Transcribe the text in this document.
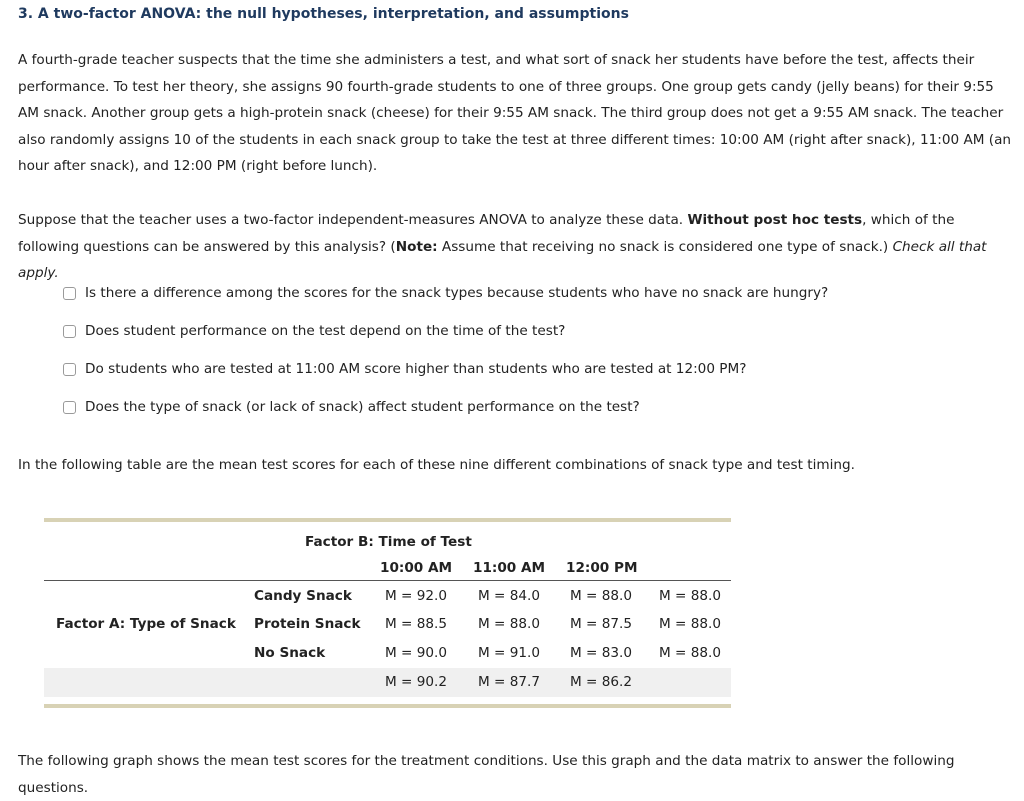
3. A two-factor ANOVA: the null hypotheses, interpretation, and assumptions

A fourth-grade teacher suspects that the time she administers a test, and what sort of snack her students have before the test, affects their performance. To test her theory, she assigns 90 fourth-grade students to one of three groups. One group gets candy (jelly beans) for their 9:55 AM snack. Another group gets a high-protein snack (cheese) for their 9:55 AM snack. The third group does not get a 9:55 AM snack. The teacher also randomly assigns 10 of the students in each snack group to take the test at three different times: 10:00 AM (right after snack), 11:00 AM (an hour after snack), and 12:00 PM (right before lunch).

Suppose that the teacher uses a two-factor independent-measures ANOVA to analyze these data. Without post hoc tests, which of the following questions can be answered by this analysis? (Note: Assume that receiving no snack is considered one type of snack.) Check all that apply.

Is there a difference among the scores for the snack types because students who have no snack are hungry?
Does student performance on the test depend on the time of the test?
Do students who are tested at 11:00 AM score higher than students who are tested at 12:00 PM?
Does the type of snack (or lack of snack) affect student performance on the test?

In the following table are the mean test scores for each of these nine different combinations of snack type and test timing.

Factor B: Time of Test
10:00 AM 11:00 AM 12:00 PM
Factor A: Type of Snack
Candy Snack M = 92.0 M = 84.0 M = 88.0 M = 88.0
Protein Snack M = 88.5 M = 88.0 M = 87.5 M = 88.0
No Snack	M = 90.0 M = 91.0 M = 83.0 M = 88.0
M = 90.2 M = 87.7 M = 86.2

The following graph shows the mean test scores for the treatment conditions. Use this graph and the data matrix to answer the following questions.
